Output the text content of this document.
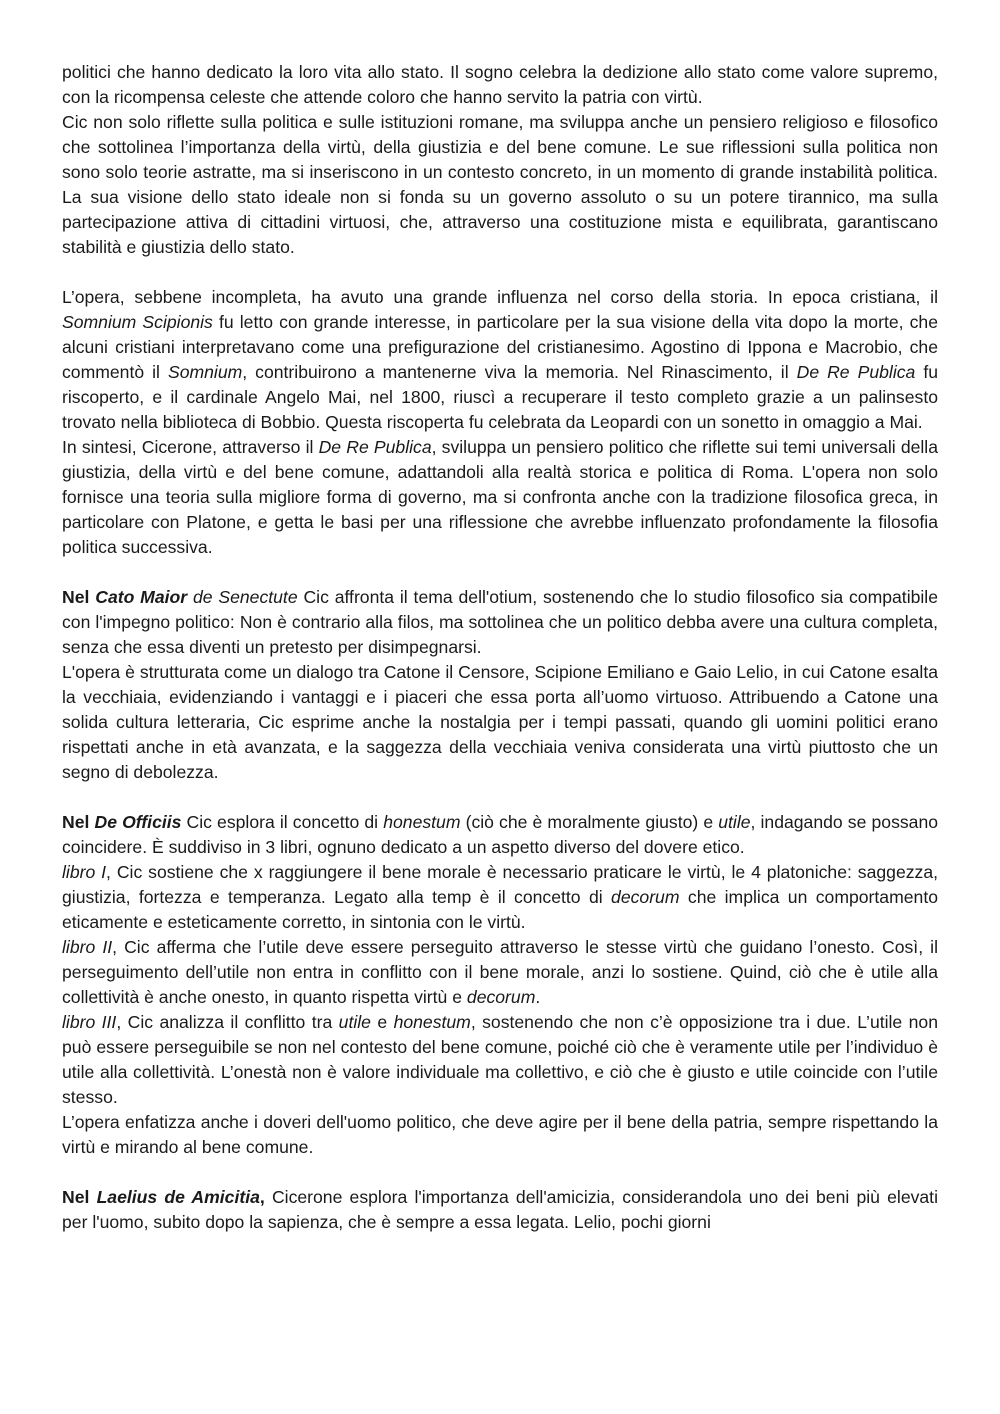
politici che hanno dedicato la loro vita allo stato. Il sogno celebra la dedizione allo stato come valore supremo, con la ricompensa celeste che attende coloro che hanno servito la patria con virtù.

Cic non solo riflette sulla politica e sulle istituzioni romane, ma sviluppa anche un pensiero religioso e filosofico che sottolinea l’importanza della virtù, della giustizia e del bene comune. Le sue riflessioni sulla politica non sono solo teorie astratte, ma si inseriscono in un contesto concreto, in un momento di grande instabilità politica. La sua visione dello stato ideale non si fonda su un governo assoluto o su un potere tirannico, ma sulla partecipazione attiva di cittadini virtuosi, che, attraverso una costituzione mista e equilibrata, garantiscano stabilità e giustizia dello stato.

L’opera, sebbene incompleta, ha avuto una grande influenza nel corso della storia. In epoca cristiana, il Somnium Scipionis fu letto con grande interesse, in particolare per la sua visione della vita dopo la morte, che alcuni cristiani interpretavano come una prefigurazione del cristianesimo. Agostino di Ippona e Macrobio, che commentò il Somnium, contribuirono a mantenerne viva la memoria. Nel Rinascimento, il De Re Publica fu riscoperto, e il cardinale Angelo Mai, nel 1800, riuscì a recuperare il testo completo grazie a un palinsesto trovato nella biblioteca di Bobbio. Questa riscoperta fu celebrata da Leopardi con un sonetto in omaggio a Mai.

In sintesi, Cicerone, attraverso il De Re Publica, sviluppa un pensiero politico che riflette sui temi universali della giustizia, della virtù e del bene comune, adattandoli alla realtà storica e politica di Roma. L'opera non solo fornisce una teoria sulla migliore forma di governo, ma si confronta anche con la tradizione filosofica greca, in particolare con Platone, e getta le basi per una riflessione che avrebbe influenzato profondamente la filosofia politica successiva.

Nel Cato Maior de Senectute Cic affronta il tema dell'otium, sostenendo che lo studio filosofico sia compatibile con l'impegno politico: Non è contrario alla filos, ma sottolinea che un politico debba avere una cultura completa, senza che essa diventi un pretesto per disimpegnarsi.

L'opera è strutturata come un dialogo tra Catone il Censore, Scipione Emiliano e Gaio Lelio, in cui Catone esalta la vecchiaia, evidenziando i vantaggi e i piaceri che essa porta all’uomo virtuoso. Attribuendo a Catone una solida cultura letteraria, Cic esprime anche la nostalgia per i tempi passati, quando gli uomini politici erano rispettati anche in età avanzata, e la saggezza della vecchiaia veniva considerata una virtù piuttosto che un segno di debolezza.

Nel De Officiis Cic esplora il concetto di honestum (ciò che è moralmente giusto) e utile, indagando se possano coincidere. È suddiviso in 3 libri, ognuno dedicato a un aspetto diverso del dovere etico.

libro I, Cic sostiene che x raggiungere il bene morale è necessario praticare le virtù, le 4 platoniche: saggezza, giustizia, fortezza e temperanza. Legato alla temp è il concetto di decorum che implica un comportamento eticamente e esteticamente corretto, in sintonia con le virtù.

libro II, Cic afferma che l’utile deve essere perseguito attraverso le stesse virtù che guidano l’onesto. Così, il perseguimento dell’utile non entra in conflitto con il bene morale, anzi lo sostiene. Quind, ciò che è utile alla collettività è anche onesto, in quanto rispetta virtù e decorum.

libro III, Cic analizza il conflitto tra utile e honestum, sostenendo che non c’è opposizione tra i due. L’utile non può essere perseguibile se non nel contesto del bene comune, poiché ciò che è veramente utile per l’individuo è utile alla collettività. L’onestà non è valore individuale ma collettivo, e ciò che è giusto e utile coincide con l’utile stesso.

L’opera enfatizza anche i doveri dell'uomo politico, che deve agire per il bene della patria, sempre rispettando la virtù e mirando al bene comune.

Nel Laelius de Amicitia, Cicerone esplora l'importanza dell'amicizia, considerandola uno dei beni più elevati per l'uomo, subito dopo la sapienza, che è sempre a essa legata. Lelio, pochi giorni
